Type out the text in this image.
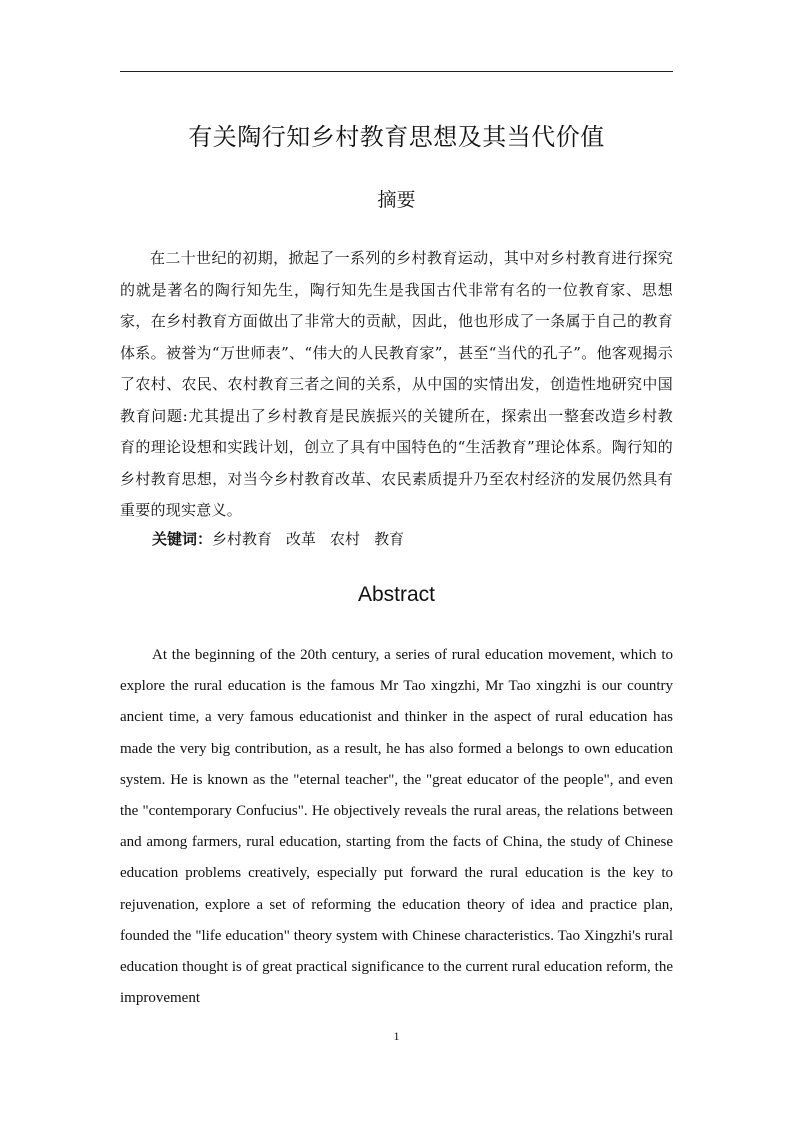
有关陶行知乡村教育思想及其当代价值
摘要

在二十世纪的初期，掀起了一系列的乡村教育运动，其中对乡村教育进行探究的就是著名的陶行知先生，陶行知先生是我国古代非常有名的一位教育家、思想家，在乡村教育方面做出了非常大的贡献，因此，他也形成了一条属于自己的教育体系。被誉为“万世师表”、“伟大的人民教育家”，甚至“当代的孔子”。他客观揭示了农村、农民、农村教育三者之间的关系，从中国的实情出发，创造性地研究中国教育问题:尤其提出了乡村教育是民族振兴的关键所在，探索出一整套改造乡村教育的理论设想和实践计划，创立了具有中国特色的“生活教育”理论体系。陶行知的乡村教育思想，对当今乡村教育改革、农民素质提升乃至农村经济的发展仍然具有重要的现实意义。

关键词：乡村教育 改革 农村 教育

Abstract

At the beginning of the 20th century, a series of rural education movement, which to explore the rural education is the famous Mr Tao xingzhi, Mr Tao xingzhi is our country ancient time, a very famous educationist and thinker in the aspect of rural education has made the very big contribution, as a result, he has also formed a belongs to own education system. He is known as the "eternal teacher", the "great educator of the people", and even the "contemporary Confucius". He objectively reveals the rural areas, the relations between and among farmers, rural education, starting from the facts of China, the study of Chinese education problems creatively, especially put forward the rural education is the key to rejuvenation, explore a set of reforming the education theory of idea and practice plan, founded the "life education" theory system with Chinese characteristics. Tao Xingzhi's rural education thought is of great practical significance to the current rural education reform, the improvement

1
